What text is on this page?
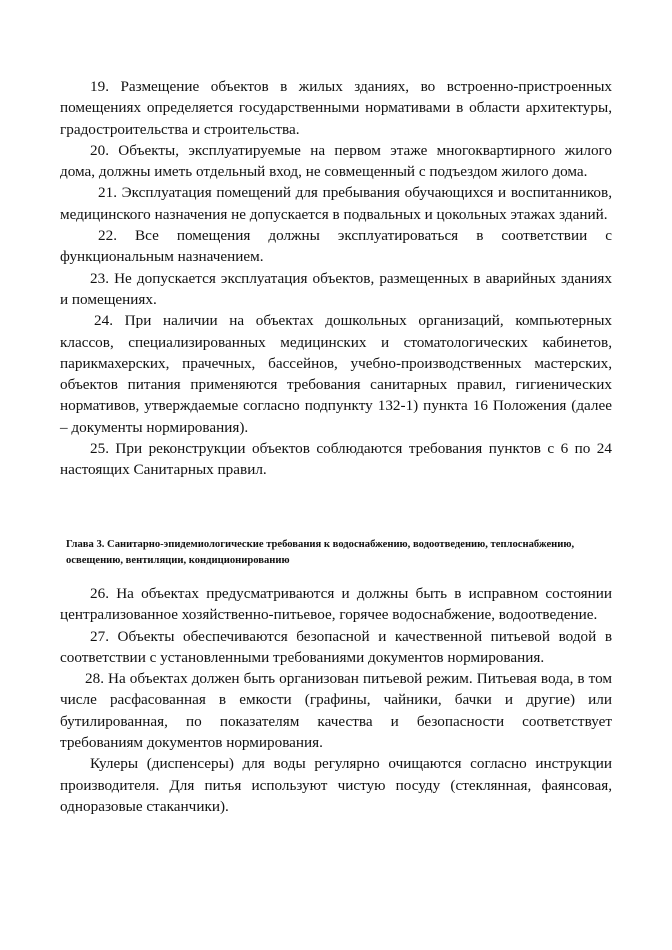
19. Размещение объектов в жилых зданиях, во встроенно-пристроенных помещениях определяется государственными нормативами в области архитектуры, градостроительства и строительства.

20. Объекты, эксплуатируемые на первом этаже многоквартирного жилого дома, должны иметь отдельный вход, не совмещенный с подъездом жилого дома.

21. Эксплуатация помещений для пребывания обучающихся и воспитанников, медицинского назначения не допускается в подвальных и цокольных этажах зданий.

22. Все помещения должны эксплуатироваться в соответствии с функциональным назначением.

23. Не допускается эксплуатация объектов, размещенных в аварийных зданиях и помещениях.

24. При наличии на объектах дошкольных организаций, компьютерных классов, специализированных медицинских и стоматологических кабинетов, парикмахерских, прачечных, бассейнов, учебно-производственных мастерских, объектов питания применяются требования санитарных правил, гигиенических нормативов, утверждаемые согласно подпункту 132-1) пункта 16 Положения (далее – документы нормирования).

25. При реконструкции объектов соблюдаются требования пунктов с 6 по 24 настоящих Санитарных правил.

Глава 3. Санитарно-эпидемиологические требования к водоснабжению, водоотведению, теплоснабжению, освещению, вентиляции, кондиционированию

26. На объектах предусматриваются и должны быть в исправном состоянии централизованное хозяйственно-питьевое, горячее водоснабжение, водоотведение.

27. Объекты обеспечиваются безопасной и качественной питьевой водой в соответствии с установленными требованиями документов нормирования.

28. На объектах должен быть организован питьевой режим. Питьевая вода, в том числе расфасованная в емкости (графины, чайники, бачки и другие) или бутилированная, по показателям качества и безопасности соответствует требованиям документов нормирования.

Кулеры (диспенсеры) для воды регулярно очищаются согласно инструкции производителя. Для питья используют чистую посуду (стеклянная, фаянсовая, одноразовые стаканчики).
